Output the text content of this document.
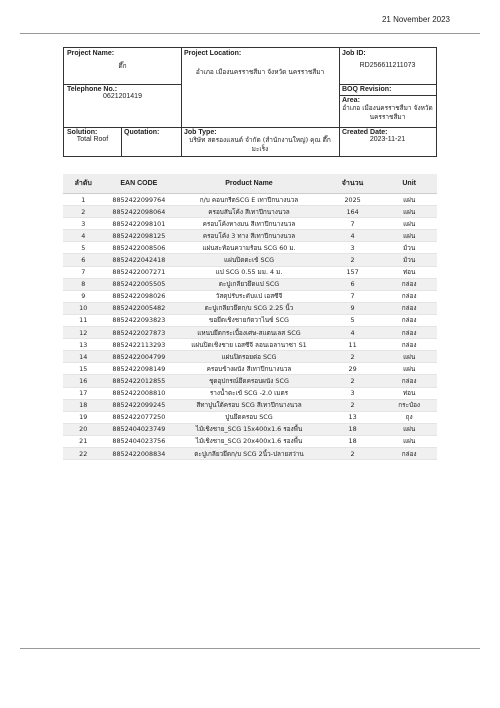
21 November 2023
Project Name:
ตึ๊ก
Project Location:
อำเภอ เมืองนครราชสีมา จังหวัด นครราชสีมา
Job ID:
RD256611211073
Telephone No.:
0621201419
BOQ Revision:
Area:
อำเภอ เมืองนครราชสีมา จังหวัด นครราชสีมา
Solution:
Total Roof
Quotation:	Job Type:
บริษัท สตรองแลนด์ จำกัด (สำนักงานใหญ่) คุณ ตึ๊ก มะเร็ง
Created Date:
2023-11-21
ลำดับ	EAN CODE	Product Name	จำนวน	Unit
1	8852422099764	ก/บ คอนกรีตSCG E เทาปีกนางนวล	2025	แผ่น
2	8852422098064	ครอบสันโค้ง สีเทาปีกนางนวล	164	แผ่น
3	8852422098101	ครอบโค้งหางมน สีเทาปีกนางนวล	7	แผ่น
4	8852422098125	ครอบโค้ง 3 ทาง สีเทาปีกนางนวล	4	แผ่น
5	8852422008506	แผ่นสะท้อนความร้อน SCG 60 ม.	3	ม้วน
6	8852422042418	แผ่นปิดตะเข้ SCG	2	ม้วน
7	8852422007271	แป SCG 0.55 มม. 4 ม.	157	ท่อน
8	8852422005505	ตะปูเกลียวยึดแป SCG	6	กล่อง
9	8852422098026	วัสดุปรับระดับแป เอสซีจี	7	กล่อง
10	8852422005482	ตะปูเกลียวยึดก/บ SCG 2.25 นิ้ว	9	กล่อง
11	8852422093823	ขอยึดเชิงชายกัดวาไนซ์ SCG	5	กล่อง
12	8852422027873	แหนบยึดกระเบื้องเศษ-สแตนเลส SCG	4	กล่อง
13	8852422113293	แผ่นปิดเชิงชาย เอสซีจี ลอนเอลานาซา S1	11	กล่อง
14	8852422004799	แผ่นปิดรอยต่อ SCG	2	แผ่น
15	8852422098149	ครอบข้างผนัง สีเทาปีกนางนวล	29	แผ่น
16	8852422012855	ชุดอุปกรณ์ยึดครอบผนัง SCG	2	กล่อง
17	8852422008810	รางน้ำตะเข้ SCG -2.0 เมตร	3	ท่อน
18	8852422099245	สีทาปูนใต้ครอบ SCG สีเทาปีกนางนวล	2	กระป๋อง
19	8852422077250	ปูนยึดครอบ SCG	13	ถุง
20	8852404023749	ไม้เชิงชาย_SCG 15x400x1.6 รองพื้น	18	แผ่น
21	8852404023756	ไม้เชิงชาย_SCG 20x400x1.6 รองพื้น	18	แผ่น
22	8852422008834	ตะปูเกลียวยึดก/บ SCG 2นิ้ว-ปลายสว่าน	2	กล่อง
